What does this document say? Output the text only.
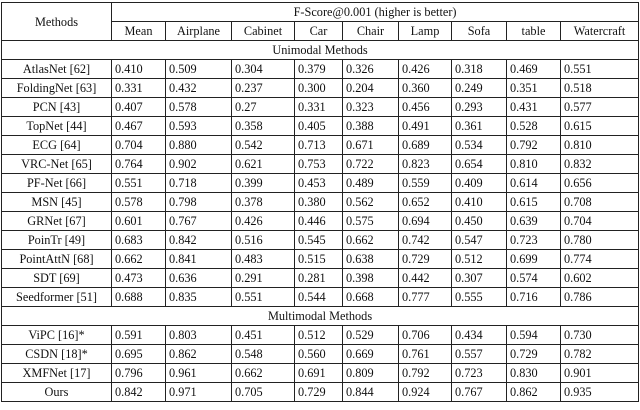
Methods	F-Score@0.001 (higher is better)								
	Mean	Airplane	Cabinet	Car	Chair	Lamp	Sofa	table	Watercraft
Unimodal Methods									
AtlasNet [62]	0.410	0.509	0.304	0.379	0.326	0.426	0.318	0.469	0.551
FoldingNet [63]	0.331	0.432	0.237	0.300	0.204	0.360	0.249	0.351	0.518
PCN [43]	0.407	0.578	0.27	0.331	0.323	0.456	0.293	0.431	0.577
TopNet [44]	0.467	0.593	0.358	0.405	0.388	0.491	0.361	0.528	0.615
ECG [64]	0.704	0.880	0.542	0.713	0.671	0.689	0.534	0.792	0.810
VRC-Net [65]	0.764	0.902	0.621	0.753	0.722	0.823	0.654	0.810	0.832
PF-Net [66]	0.551	0.718	0.399	0.453	0.489	0.559	0.409	0.614	0.656
MSN [45]	0.578	0.798	0.378	0.380	0.562	0.652	0.410	0.615	0.708
GRNet [67]	0.601	0.767	0.426	0.446	0.575	0.694	0.450	0.639	0.704
PoinTr [49]	0.683	0.842	0.516	0.545	0.662	0.742	0.547	0.723	0.780
PointAttN [68]	0.662	0.841	0.483	0.515	0.638	0.729	0.512	0.699	0.774
SDT [69]	0.473	0.636	0.291	0.281	0.398	0.442	0.307	0.574	0.602
Seedformer [51]	0.688	0.835	0.551	0.544	0.668	0.777	0.555	0.716	0.786
Multimodal Methods									
ViPC [16]*	0.591	0.803	0.451	0.512	0.529	0.706	0.434	0.594	0.730
CSDN [18]*	0.695	0.862	0.548	0.560	0.669	0.761	0.557	0.729	0.782
XMFNet [17]	0.796	0.961	0.662	0.691	0.809	0.792	0.723	0.830	0.901
Ours	0.842	0.971	0.705	0.729	0.844	0.924	0.767	0.862	0.935
